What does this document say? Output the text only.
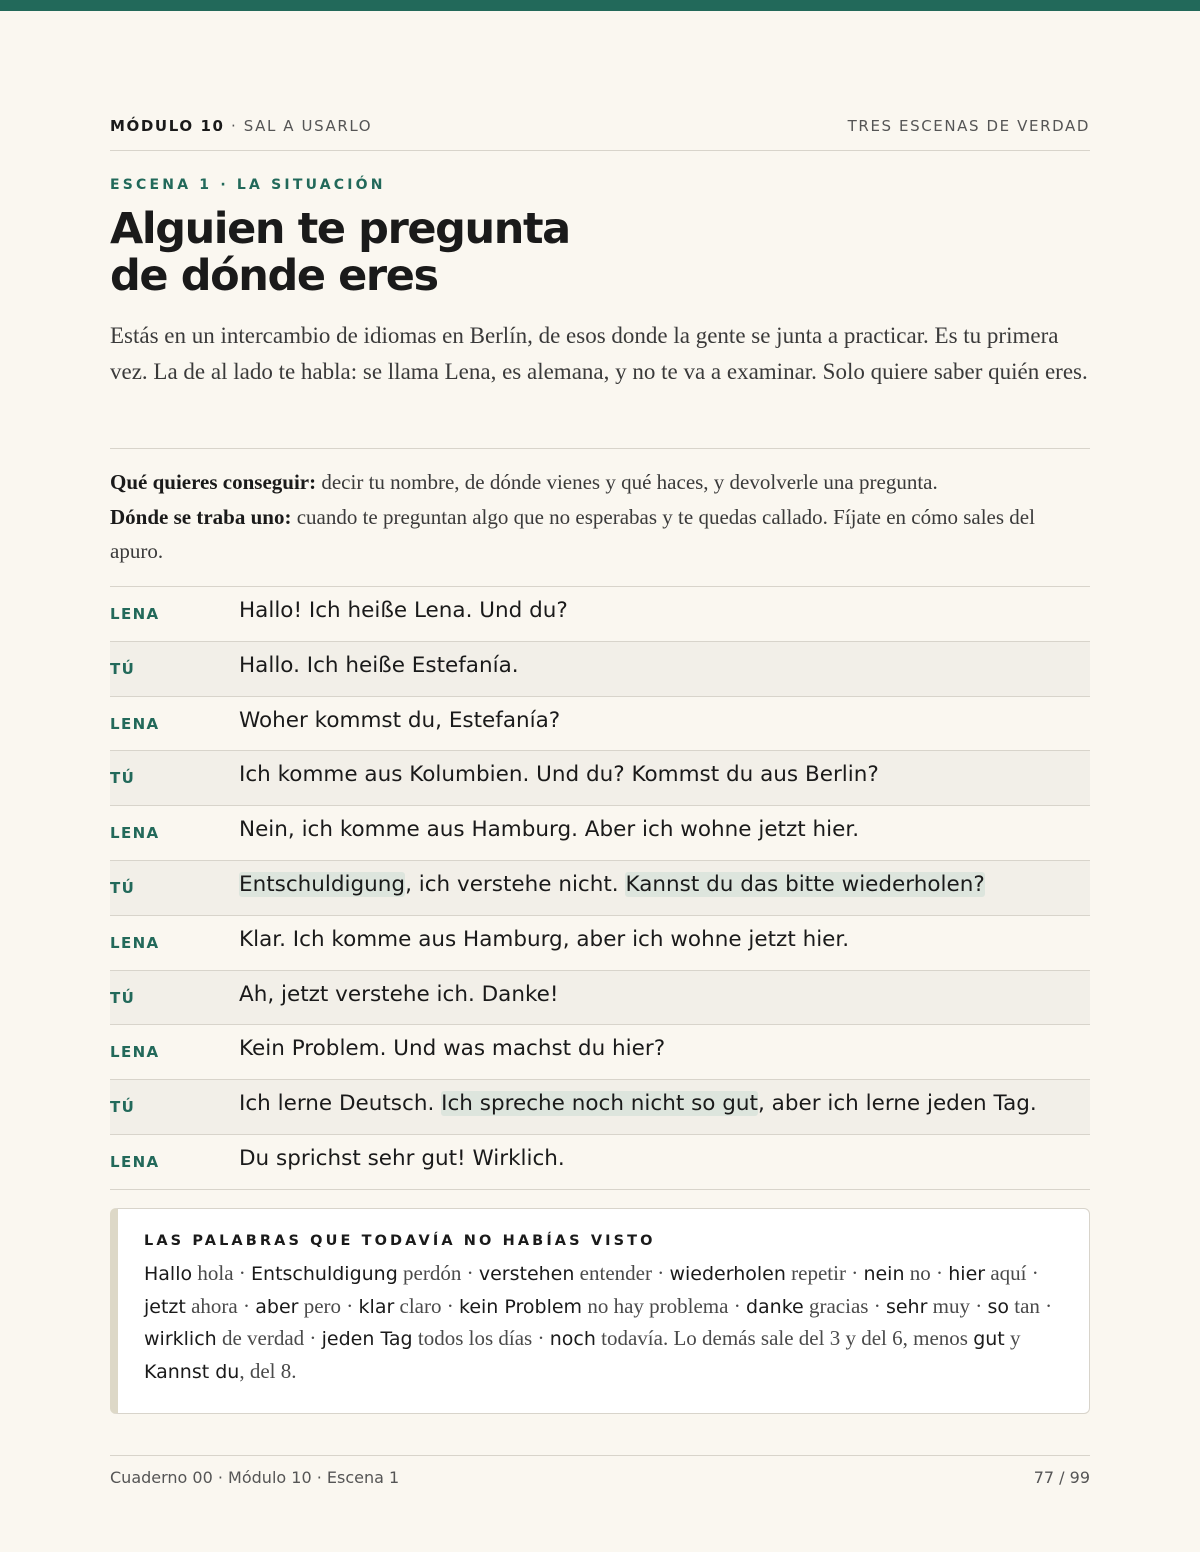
MÓDULO 10 · SAL A USARLO	TRES ESCENAS DE VERDAD
ESCENA 1 · LA SITUACIÓN
Alguien te pregunta de dónde eres

Estás en un intercambio de idiomas en Berlín, de esos donde la gente se junta a practicar. Es tu primera vez. La de al lado te habla: se llama Lena, es alemana, y no te va a examinar. Solo quiere saber quién eres.

Qué quieres conseguir: decir tu nombre, de dónde vienes y qué haces, y devolverle una pregunta.
Dónde se traba uno: cuando te preguntan algo que no esperabas y te quedas callado. Fíjate en cómo sales del apuro.

LENA	Hallo! Ich heiße Lena. Und du?
TÚ	Hallo. Ich heiße Estefanía.
LENA	Woher kommst du, Estefanía?
TÚ	Ich komme aus Kolumbien. Und du? Kommst du aus Berlin?
LENA	Nein, ich komme aus Hamburg. Aber ich wohne jetzt hier.
TÚ	Entschuldigung, ich verstehe nicht. Kannst du das bitte wiederholen?
LENA	Klar. Ich komme aus Hamburg, aber ich wohne jetzt hier.
TÚ	Ah, jetzt verstehe ich. Danke!
LENA	Kein Problem. Und was machst du hier?
TÚ	Ich lerne Deutsch. Ich spreche noch nicht so gut, aber ich lerne jeden Tag.
LENA	Du sprichst sehr gut! Wirklich.
LAS PALABRAS QUE TODAVÍA NO HABÍAS VISTO

Hallo hola · Entschuldigung perdón · verstehen entender · wiederholen repetir · nein no · hier aquí · jetzt ahora · aber pero · klar claro · kein Problem no hay problema · danke gracias · sehr muy · so tan · wirklich de verdad · jeden Tag todos los días · noch todavía. Lo demás sale del 3 y del 6, menos gut y Kannst du, del 8.

Cuaderno 00 · Módulo 10 · Escena 1	77 / 99
